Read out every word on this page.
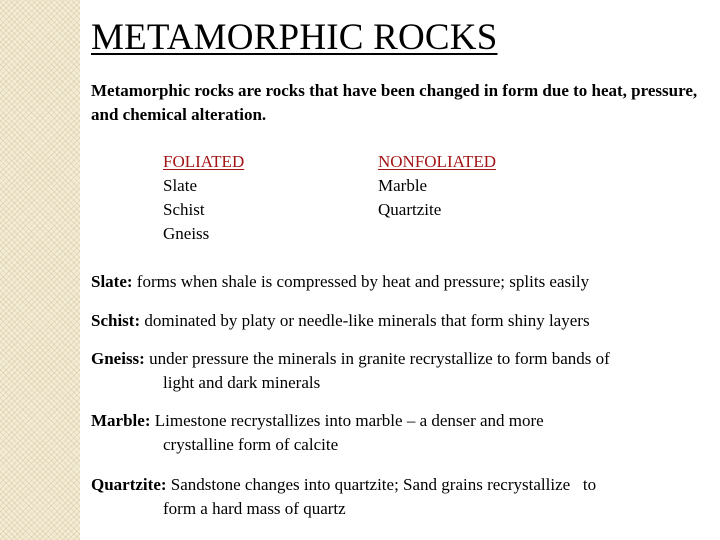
METAMORPHIC ROCKS

Metamorphic rocks are rocks that have been changed in form due to heat, pressure, and chemical alteration.

FOLIATED
Slate
Schist
Gneiss
NONFOLIATED
Marble
Quartzite

Slate: forms when shale is compressed by heat and pressure; splits easily

Schist: dominated by platy or needle-like minerals that form shiny layers

Gneiss: under pressure the minerals in granite recrystallize to form bands of
light and dark minerals

Marble: Limestone recrystallizes into marble – a denser and more
crystalline form of calcite

Quartzite: Sandstone changes into quartzite; Sand grains recrystallize   to
form a hard mass of quartz
